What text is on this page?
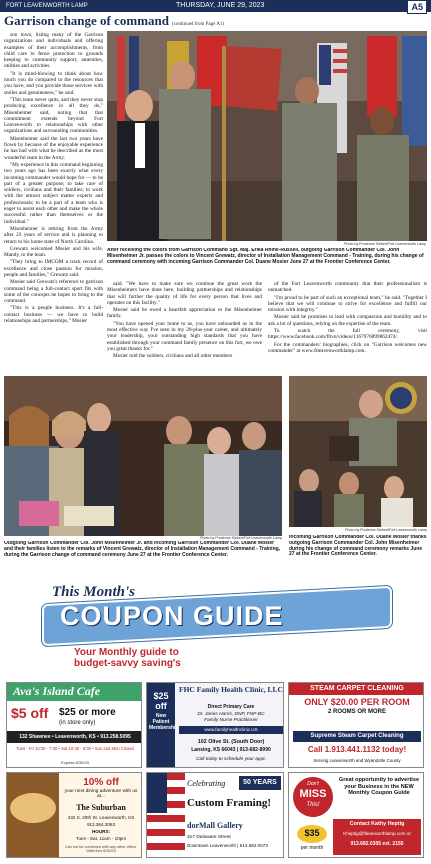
FORT LEAVENWORTH LAMP	THURSDAY, JUNE 29, 2023	A5
Garrison change of command (continued from Page A1)

son town, listing many of the Garrison organizations and individuals and offering examples of their accomplishments, from child care to fence protection to grounds keeping to community support, amenities, utilities and activities.

"It is mind-blowing to think about how much you do compared to the resources that you have, and you provide those services with smiles and genuineness," he said.

"This team never quits, and they never stop producing excellence in all they do," Misenheimer said, noting that that commitment extends beyond Fort Leavenworth to relationships with other organizations and surrounding communities.

Misenheimer said the last two years have flown by because of the enjoyable experience he has had with what he described as the most wonderful team in the Army.

"My experience in this command beginning two years ago has been exactly what every incoming commander would hope for — to be part of a greater purpose; to take care of soldiers, civilians and their families; to work with the utmost subject matter experts and professionals; to be a part of a team who is eager to assist each other and make the whole successful rather than themselves or the individual."

Misenheimer is retiring from the Army after 23 years of service and is planning to return to his home state of North Carolina.

Grewatz welcomed Mosier and his wife, Mandy, to the team.

"They bring to IMCOM a track record of excellence and close passion for mission, people and families," Grewatz said.

Mosier said Grewatz's reference to garrison command being a full-contact sport fits with some of the concepts he hopes to bring to the command.

"This is a people business. It's a full-contact business — we have to build relationships and partnerships," Mosier

Photo by Prudence Siebert/Fort Leavenworth Lamp
After receiving the colors from Garrison Command Sgt. Maj. Erika Rhine-Russell, outgoing Garrison Commander Col. John Misenheimer Jr. passes the colors to Vincent Grewatz, director of Installation Management Command - Training, during his change of command ceremony with incoming Garrison Commander Col. Duane Mosier June 27 at the Frontier Conference Center.

said. "We have to make sure we continue the great work the Misenheimers have done here, building partnerships and relationships that will further the quality of life for every person that lives and operates on this facility."

Mosier said he owed a heartfelt appreciation to the Misenheimer family.

"You have opened your home to us, you have onboarded us in the most effective way I've seen in my 20-plus-year career, and ultimately your leadership, your outstanding high standards that you have established through your command family presence on this fort, we owe you great thanks for."

Mosier told the soldiers, civilians and all other members

of the Fort Leavenworth community that their professionalism is unmatched.

"I'm proud to be part of such an exceptional team," he said. "Together I believe that we will continue to strive for excellence and fulfill our mission with integrity."

Mosier said he promises to lead with compassion and humility and to ask a lot of questions, relying on the expertise of the team.

To watch the full ceremony, visit https://www.facebook.com/fltvn/videos/1167976899862474/.

For the commanders' biographies, click on "Garrison welcomes new commander" at www.ftleavenworthlamp.com.

Photo by Prudence Siebert/Fort Leavenworth Lamp
Outgoing Garrison Commander Col. John Misenheimer Jr. and incoming Garrison Commander Col. Duane Mosier and their families listen to the remarks of Vincent Grewatz, director of Installation Management Command - Training, during the Garrison change of command ceremony June 27 at the Frontier Conference Center.
Photo by Prudence Siebert/Fort Leavenworth Lamp
Incoming Garrison Commander Col. Duane Mosier thanks outgoing Garrison Commander Col. John Misenheimer during his change of command ceremony remarks June 27 at the Frontier Conference Center.
This Month's
COUPON GUIDE
Your Monthly guide to
budget-savvy saving's
Ava's Island Cafe
$5 off $25 or more
(in store only)
132 Shawnee • Leavenworth, KS • 913.258.5095
Tues - Fri 10:30 - 7:30 • Sat 10:30 - 8:30 • Sun and Mon Closed
Expires 6/30/23
$25 off
New Patient Membership
FHC Family Health Clinic, LLC
Direct Primary Care
Dr. Janes Harris, DNP, FNP-BC
Family Nurse Practitioner
www.familyhealthclinic.US
102 Olive St. (South Door)
Lansing, KS 66043 | 913-682-8990
Call today to schedule your appt.
STEAM CARPET CLEANING
ONLY $20.00 PER ROOM
2 ROOMS OR MORE
Supreme Steam Carpet Cleaning
Call 1.913.441.1132 today!
Serving Leavenworth and Wyandotte County
10% off
your next dining adventure with us at...
The Suburban
432 S. 20th St. Leavenworth, KS
913.364.3063
HOURS:
Tues - Sat, 11am - 10pm
Can not be combined with any other offers. Valid thru 6/30/23
Celebrating	50 YEARS
Custom Framing!
dorMall Gallery
317 Delaware Street
Downtown Leavenworth | 913.682.0573
Don't
MISS
This!
Great opportunity to advertise your Business in the NEW Monthly Coupon Guide
$35
per month
Contact Kathy Heptig
Kheptig@ftleavworthlamp.com or
913.682.0305 ext. 2155
